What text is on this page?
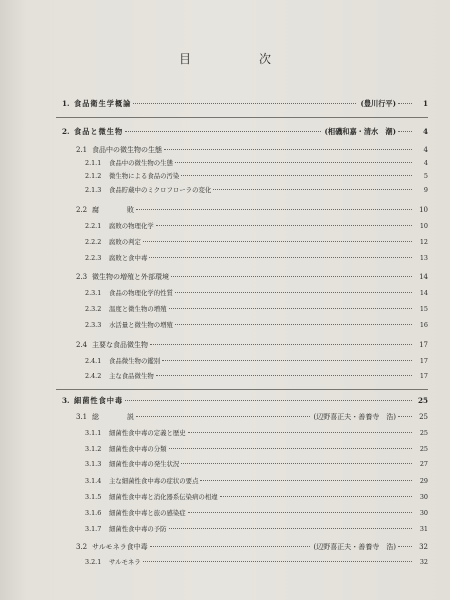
目　次
1. 食品衛生学概論	(豊川行平)	1
2. 食品と微生物	(相磯和嘉・清水　潮)	4
2.1 食品中の微生物の生態	4
2.1.1	食品中の微生物の生態	4
2.1.2	微生物による食品の汚染	5
2.1.3	食品貯蔵中のミクロフローラの変化	9
2.2 腐　　　　敗	10
2.2.1	腐敗の物理化学	10
2.2.2	腐敗の判定	12
2.2.3	腐敗と食中毒	13
2.3 微生物の増殖と外部環境	14
2.3.1	食品の物理化学的性質	14
2.3.2	温度と微生物の増殖	15
2.3.3	水活量と微生物の増殖	16
2.4 主要な食品微生物	17
2.4.1	食品微生物の鑑別	17
2.4.2	主な食品微生物	17
3. 細菌性食中毒	25
3.1 総　　　　説	(辺野喜正夫・善養寺　浩)	25
3.1.1	細菌性食中毒の定義と歴史	25
3.1.2	細菌性食中毒の分類	25
3.1.3	細菌性食中毒の発生状況	27
3.1.4	主な細菌性食中毒の症状の要点	29
3.1.5	細菌性食中毒と消化器系伝染病の相違	30
3.1.6	細菌性食中毒と旅の感染症	30
3.1.7	細菌性食中毒の予防	31
3.2 サルモネラ食中毒	(辺野喜正夫・善養寺　浩)	32
3.2.1	サルモネラ	32
